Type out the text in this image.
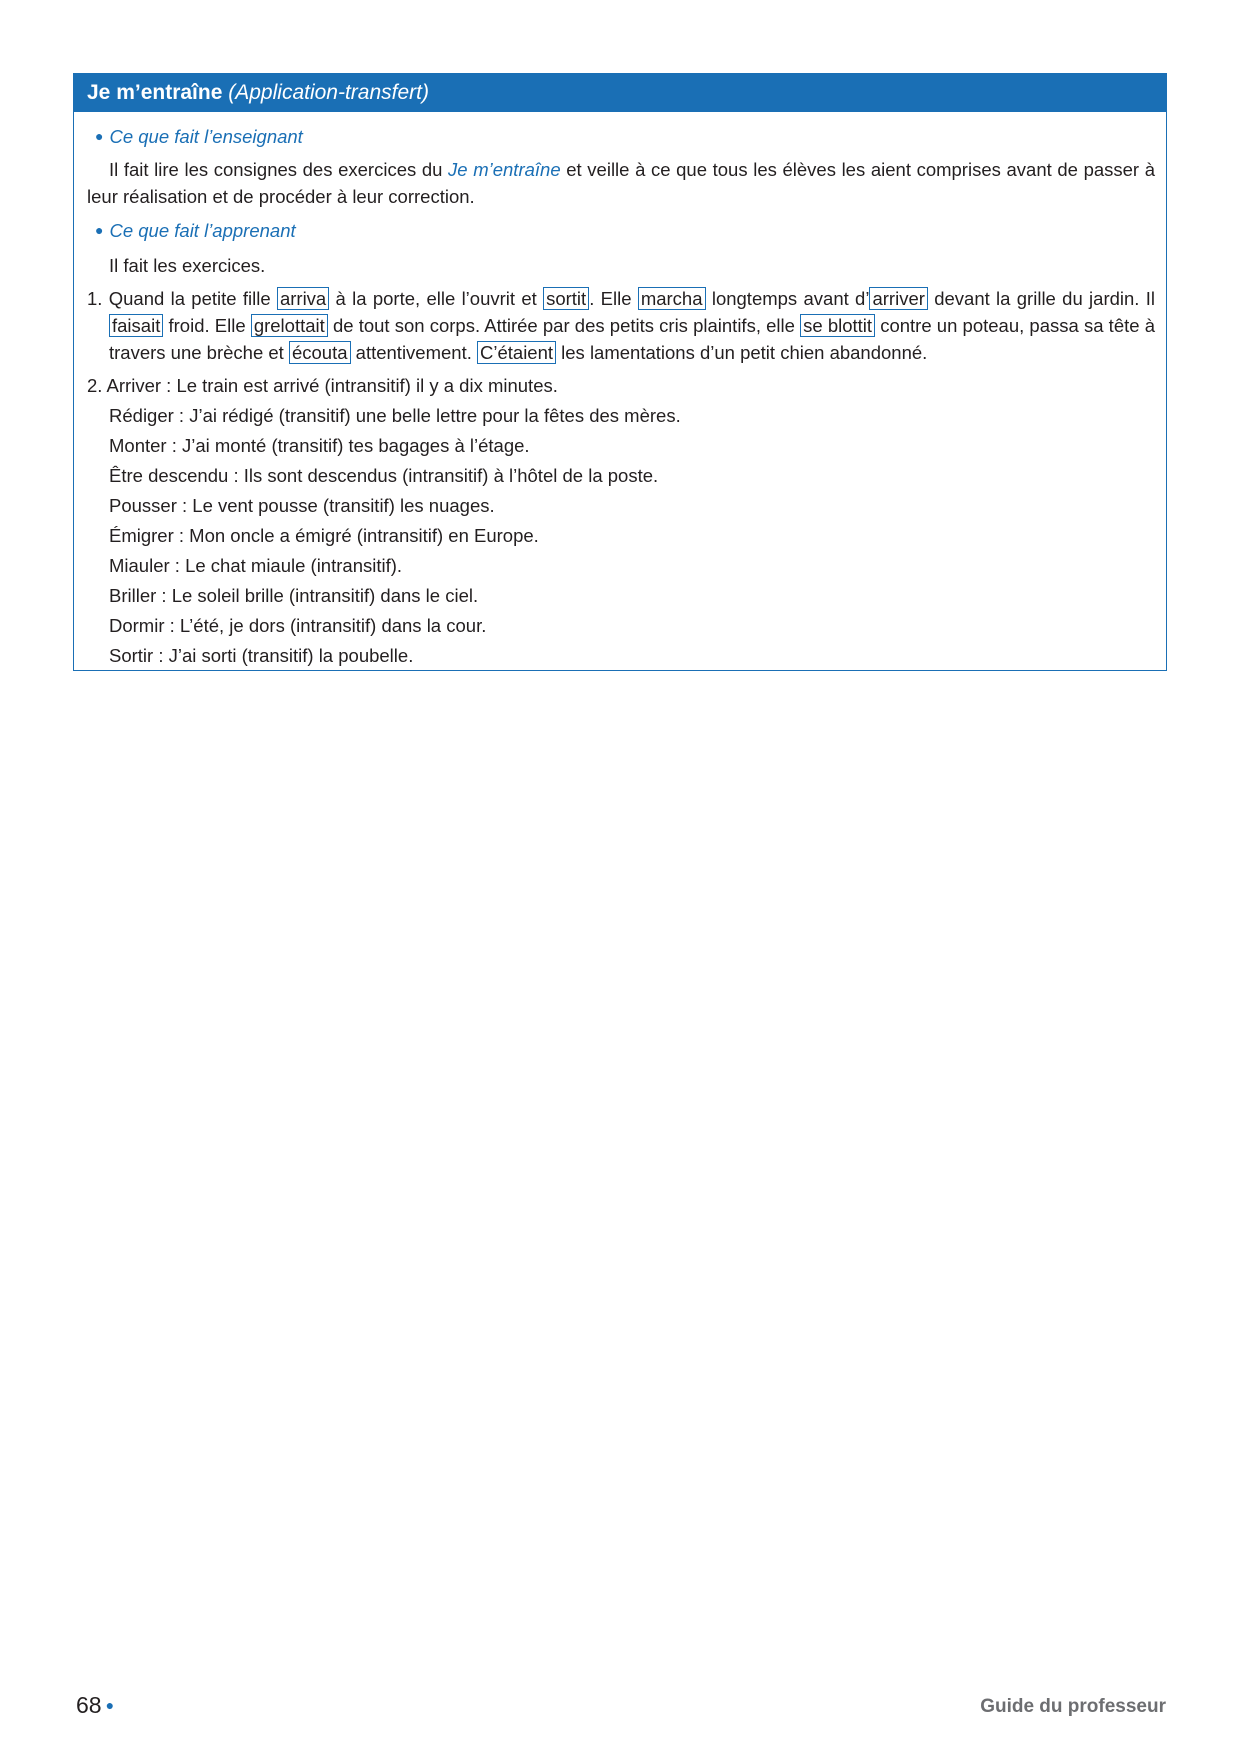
Je m’entraîne (Application-transfert)
● Ce que fait l’enseignant
Il fait lire les consignes des exercices du Je m’entraîne et veille à ce que tous les élèves les aient comprises avant de passer à leur réalisation et de procéder à leur correction.
● Ce que fait l’apprenant
Il fait les exercices.
1. Quand la petite fille arriva à la porte, elle l’ouvrit et sortit . Elle marcha longtemps avant d’ arriver devant la grille du jardin. Il faisait froid. Elle grelottait de tout son corps. Attirée par des petits cris plaintifs, elle se blottit contre un poteau, passa sa tête à travers une brèche et écouta attentivement. C’étaient les lamentations d’un petit chien abandonné.
2. Arriver : Le train est arrivé (intransitif) il y a dix minutes.
Rédiger : J’ai rédigé (transitif) une belle lettre pour la fêtes des mères.
Monter : J’ai monté (transitif) tes bagages à l’étage.
Être descendu : Ils sont descendus (intransitif) à l’hôtel de la poste.
Pousser : Le vent pousse (transitif) les nuages.
Émigrer : Mon oncle a émigré (intransitif) en Europe.
Miauler : Le chat miaule (intransitif).
Briller : Le soleil brille (intransitif) dans le ciel.
Dormir : L’été, je dors (intransitif) dans la cour.
Sortir : J’ai sorti (transitif) la poubelle.
68 ●	Guide du professeur
